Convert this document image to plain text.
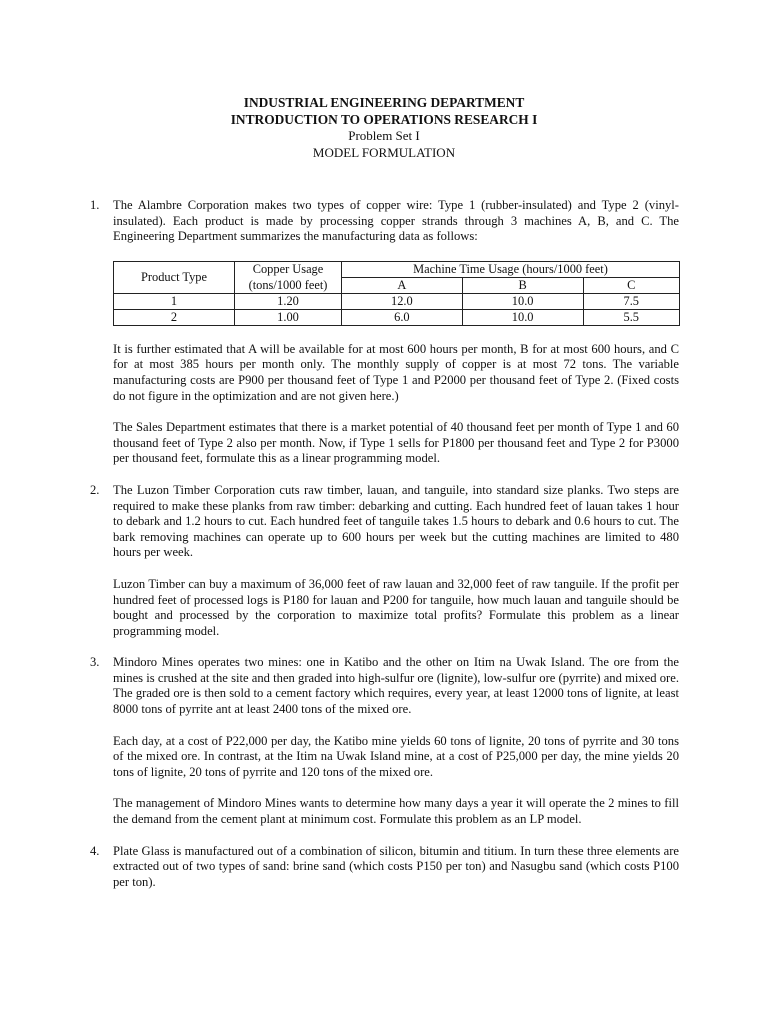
INDUSTRIAL ENGINEERING DEPARTMENT
INTRODUCTION TO OPERATIONS RESEARCH I
Problem Set I
MODEL FORMULATION
1. The Alambre Corporation makes two types of copper wire: Type 1 (rubber-insulated) and Type 2 (vinyl-insulated). Each product is made by processing copper strands through 3 machines A, B, and C. The Engineering Department summarizes the manufacturing data as follows:

Product Type	Copper Usage	Machine Time Usage (hours/1000 feet)		
	(tons/1000 feet)	A	B	C
1	1.20	12.0	10.0	7.5
2	1.00	6.0	10.0	5.5

It is further estimated that A will be available for at most 600 hours per month, B for at most 600 hours, and C for at most 385 hours per month only. The monthly supply of copper is at most 72 tons. The variable manufacturing costs are P900 per thousand feet of Type 1 and P2000 per thousand feet of Type 2. (Fixed costs do not figure in the optimization and are not given here.)

The Sales Department estimates that there is a market potential of 40 thousand feet per month of Type 1 and 60 thousand feet of Type 2 also per month. Now, if Type 1 sells for P1800 per thousand feet and Type 2 for P3000 per thousand feet, formulate this as a linear programming model.

2. The Luzon Timber Corporation cuts raw timber, lauan, and tanguile, into standard size planks. Two steps are required to make these planks from raw timber: debarking and cutting. Each hundred feet of lauan takes 1 hour to debark and 1.2 hours to cut. Each hundred feet of tanguile takes 1.5 hours to debark and 0.6 hours to cut. The bark removing machines can operate up to 600 hours per week but the cutting machines are limited to 480 hours per week.

Luzon Timber can buy a maximum of 36,000 feet of raw lauan and 32,000 feet of raw tanguile. If the profit per hundred feet of processed logs is P180 for lauan and P200 for tanguile, how much lauan and tanguile should be bought and processed by the corporation to maximize total profits? Formulate this problem as a linear programming model.

3. Mindoro Mines operates two mines: one in Katibo and the other on Itim na Uwak Island. The ore from the mines is crushed at the site and then graded into high-sulfur ore (lignite), low-sulfur ore (pyrrite) and mixed ore. The graded ore is then sold to a cement factory which requires, every year, at least 12000 tons of lignite, at least 8000 tons of pyrrite ant at least 2400 tons of the mixed ore.

Each day, at a cost of P22,000 per day, the Katibo mine yields 60 tons of lignite, 20 tons of pyrrite and 30 tons of the mixed ore. In contrast, at the Itim na Uwak Island mine, at a cost of P25,000 per day, the mine yields 20 tons of lignite, 20 tons of pyrrite and 120 tons of the mixed ore.

The management of Mindoro Mines wants to determine how many days a year it will operate the 2 mines to fill the demand from the cement plant at minimum cost. Formulate this problem as an LP model.

4. Plate Glass is manufactured out of a combination of silicon, bitumin and titium. In turn these three elements are extracted out of two types of sand: brine sand (which costs P150 per ton) and Nasugbu sand (which costs P100 per ton).
